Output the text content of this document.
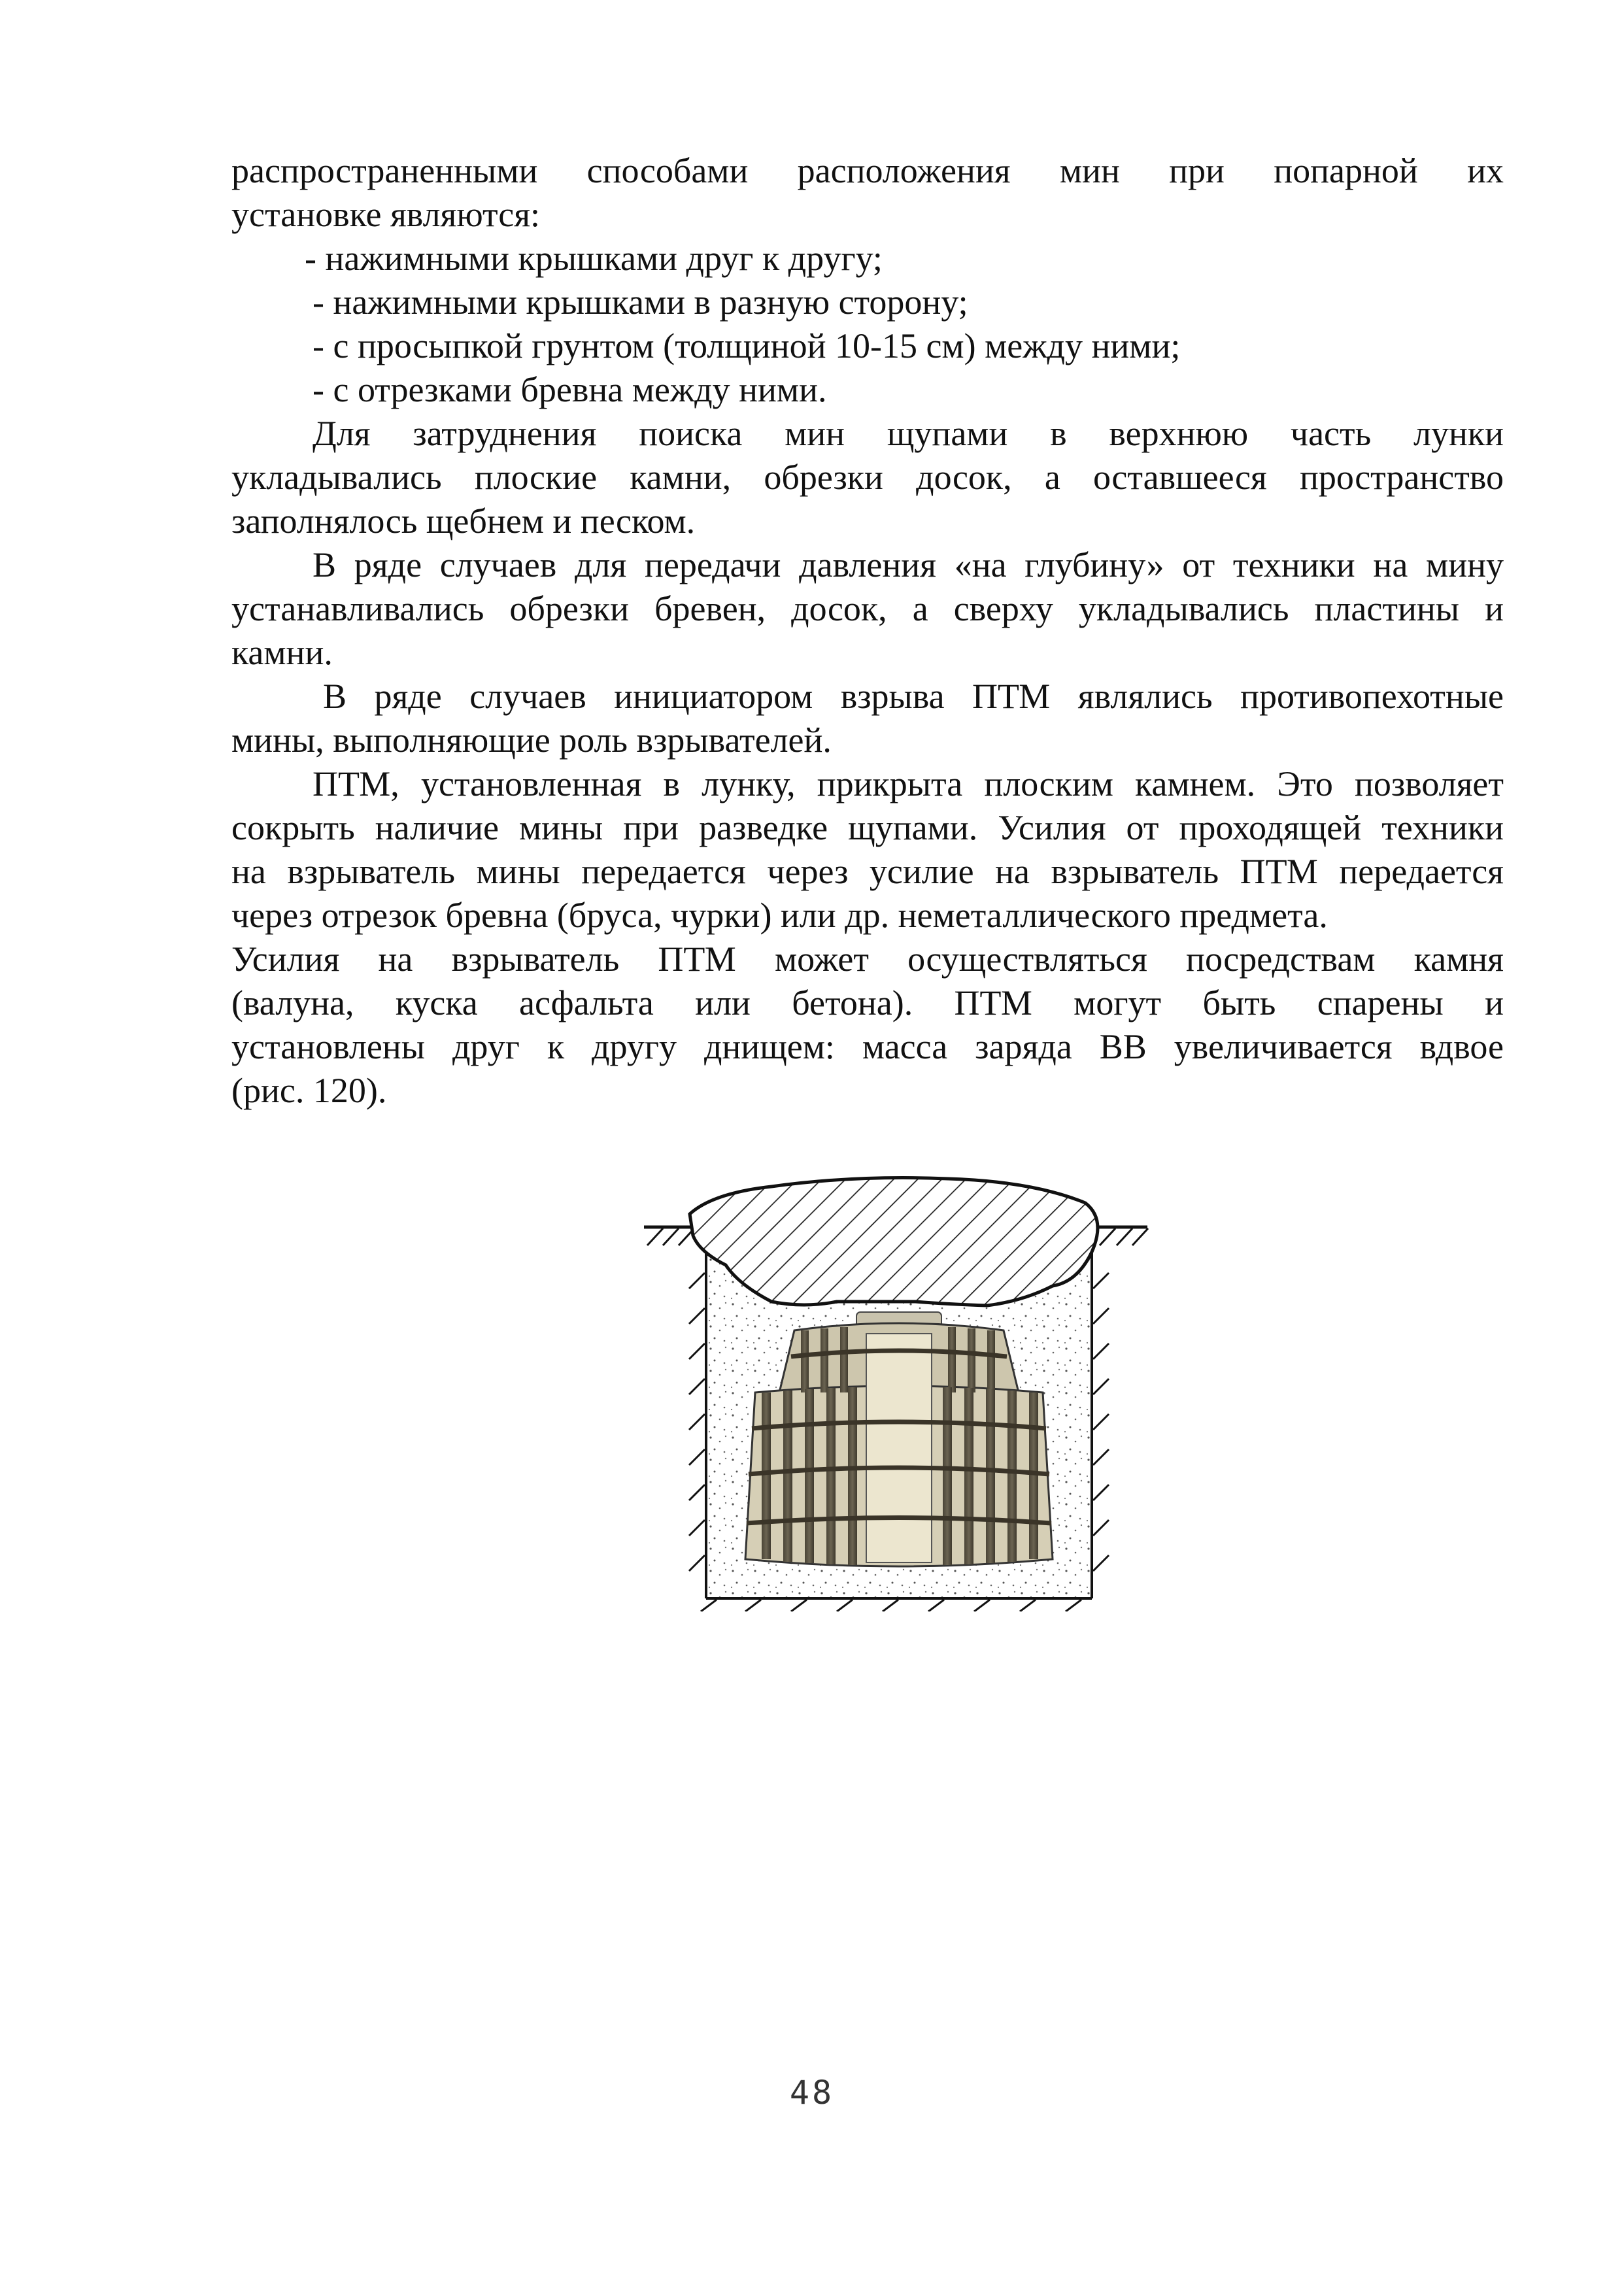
распространенными способами расположения мин при попарной их

установке являются:

- нажимными крышками друг к другу;

- нажимными крышками в разную сторону;

- с просыпкой грунтом (толщиной 10-15 см) между ними;

- с отрезками бревна между ними.

Для затруднения поиска мин щупами в верхнюю часть лунки

укладывались плоские камни, обрезки досок, а оставшееся пространство

заполнялось щебнем и песком.

В ряде случаев для передачи давления «на глубину» от техники на мину

устанавливались обрезки бревен, досок, а сверху укладывались пластины и

камни.

В ряде случаев инициатором взрыва ПТМ являлись противопехотные

мины, выполняющие роль взрывателей.

ПТМ, установленная в лунку, прикрыта плоским камнем. Это позволяет

сокрыть наличие мины при разведке щупами. Усилия от проходящей техники

на взрыватель мины передается через усилие на взрыватель ПТМ передается

через отрезок бревна (бруса, чурки) или др. неметаллического предмета.

Усилия на взрыватель ПТМ может осуществляться посредствам камня

(валуна, куска асфальта или бетона). ПТМ могут быть спарены и

установлены друг к другу днищем: масса заряда ВВ увеличивается вдвое

(рис. 120).

48
